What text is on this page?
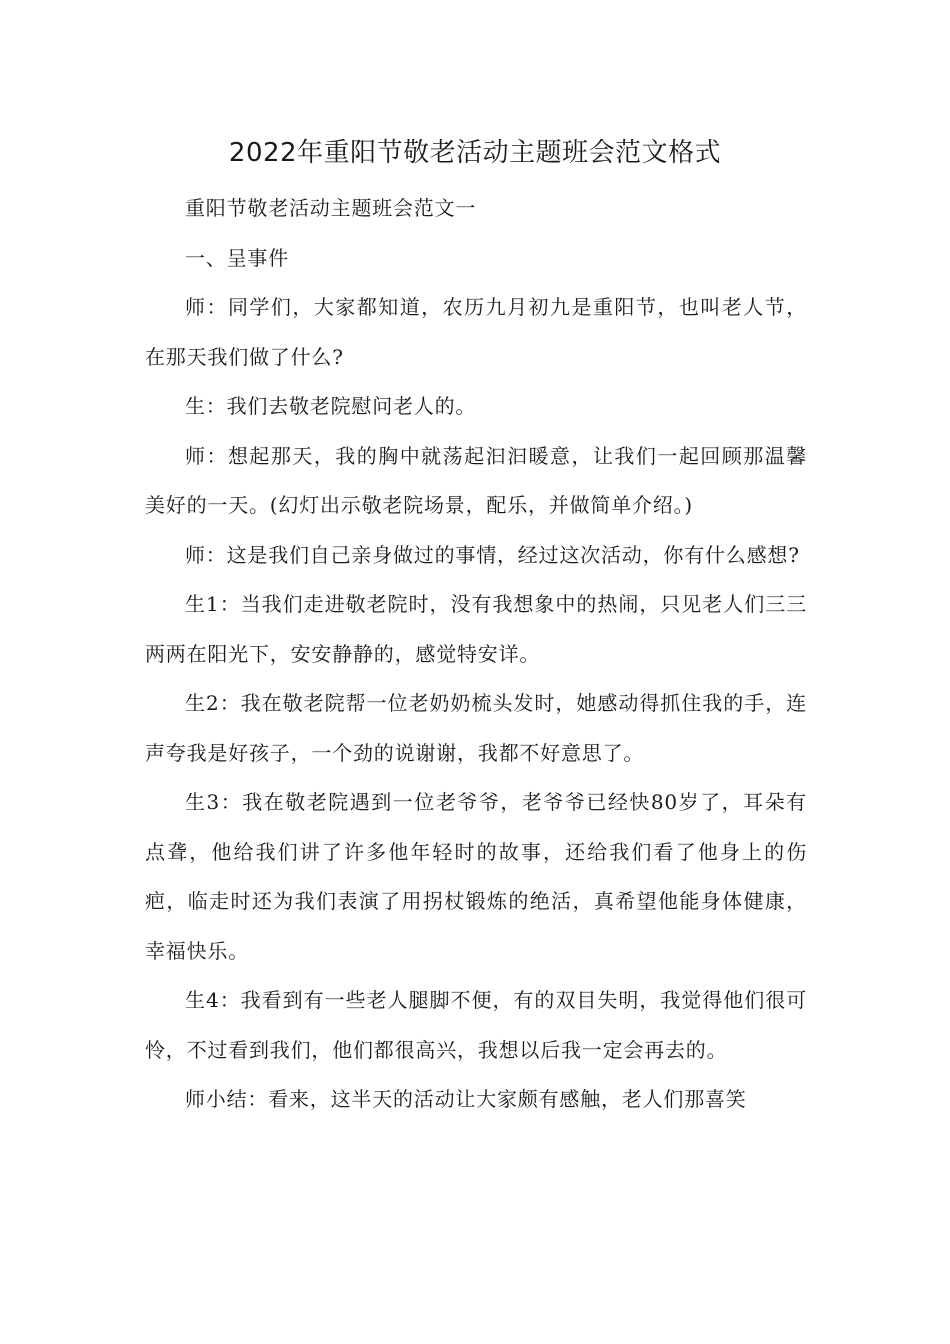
2022年重阳节敬老活动主题班会范文格式

重阳节敬老活动主题班会范文一

一、呈事件

师：同学们，大家都知道，农历九月初九是重阳节，也叫老人节，在那天我们做了什么?

生：我们去敬老院慰问老人的。

师：想起那天，我的胸中就荡起汩汩暖意，让我们一起回顾那温馨美好的一天。(幻灯出示敬老院场景，配乐，并做简单介绍。)

师：这是我们自己亲身做过的事情，经过这次活动，你有什么感想?

生1：当我们走进敬老院时，没有我想象中的热闹，只见老人们三三两两在阳光下，安安静静的，感觉特安详。

生2：我在敬老院帮一位老奶奶梳头发时，她感动得抓住我的手，连声夸我是好孩子，一个劲的说谢谢，我都不好意思了。

生3：我在敬老院遇到一位老爷爷，老爷爷已经快80岁了，耳朵有点聋，他给我们讲了许多他年轻时的故事，还给我们看了他身上的伤疤，临走时还为我们表演了用拐杖锻炼的绝活，真希望他能身体健康，幸福快乐。

生4：我看到有一些老人腿脚不便，有的双目失明，我觉得他们很可怜，不过看到我们，他们都很高兴，我想以后我一定会再去的。

师小结：看来，这半天的活动让大家颇有感触，老人们那喜笑
